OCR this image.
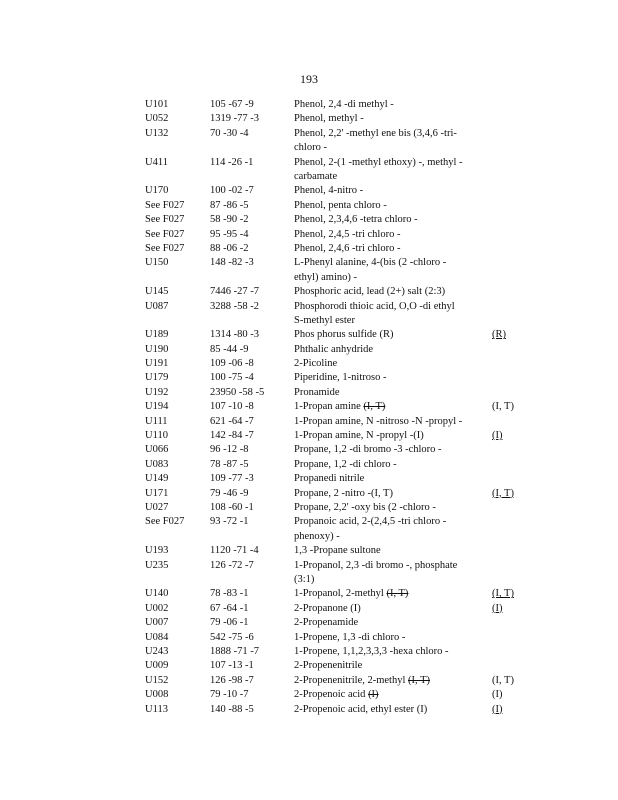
193
U101	105 -67 -9	Phenol, 2,4 -di methyl -
U052	1319 -77 -3	Phenol, methyl -
U132	70 -30 -4	Phenol, 2,2' -methyl ene bis (3,4,6 -tri-
chloro -
U411	114 -26 -1	Phenol, 2-(1 -methyl ethoxy) -, methyl -
carbamate
U170	100 -02 -7	Phenol, 4-nitro -
See F027 87 -86 -5	Phenol, penta chloro -
See F027 58 -90 -2	Phenol, 2,3,4,6 -tetra chloro -
See F027 95 -95 -4	Phenol, 2,4,5 -tri chloro -
See F027 88 -06 -2	Phenol, 2,4,6 -tri chloro -
U150	148 -82 -3	L-Phenyl alanine, 4-(bis (2 -chloro -
ethyl) amino) -
U145	7446 -27 -7	Phosphoric acid, lead (2+) salt (2:3)
U087	3288 -58 -2	Phosphorodi thioic acid, O,O -di ethyl
S-methyl ester
U189	1314 -80 -3	Phos phorus sulfide (R)	(R)
U190	85 -44 -9	Phthalic anhydride
U191	109 -06 -8	2-Picoline
U179	100 -75 -4	Piperidine, 1-nitroso -
U192	23950 -58 -5	Pronamide
U194	107 -10 -8	1-Propan amine (I, T)	(I, T)
U111	621 -64 -7	1-Propan amine, N -nitroso -N -propyl -
U110	142 -84 -7	1-Propan amine, N -propyl -(I)	(I)
U066	96 -12 -8	Propane, 1,2 -di bromo -3 -chloro -
U083	78 -87 -5	Propane, 1,2 -di chloro -
U149	109 -77 -3	Propanedi nitrile
U171	79 -46 -9	Propane, 2 -nitro -(I, T)	(I, T)
U027	108 -60 -1	Propane, 2,2' -oxy bis (2 -chloro -
See F027 93 -72 -1	Propanoic acid, 2-(2,4,5 -tri chloro -
phenoxy) -
U193	1120 -71 -4	1,3 -Propane sultone
U235	126 -72 -7	1-Propanol, 2,3 -di bromo -, phosphate
(3:1)
U140	78 -83 -1	1-Propanol, 2-methyl (I, T)	(I, T)
U002	67 -64 -1	2-Propanone (I)	(I)
U007	79 -06 -1	2-Propenamide
U084	542 -75 -6	1-Propene, 1,3 -di chloro -
U243	1888 -71 -7	1-Propene, 1,1,2,3,3,3 -hexa chloro -
U009	107 -13 -1	2-Propenenitrile
U152	126 -98 -7	2-Propenenitrile, 2-methyl (I, T)	(I, T)
U008	79 -10 -7	2-Propenoic acid (I)	(I)
U113	140 -88 -5	2-Propenoic acid, ethyl ester (I)	(I)
